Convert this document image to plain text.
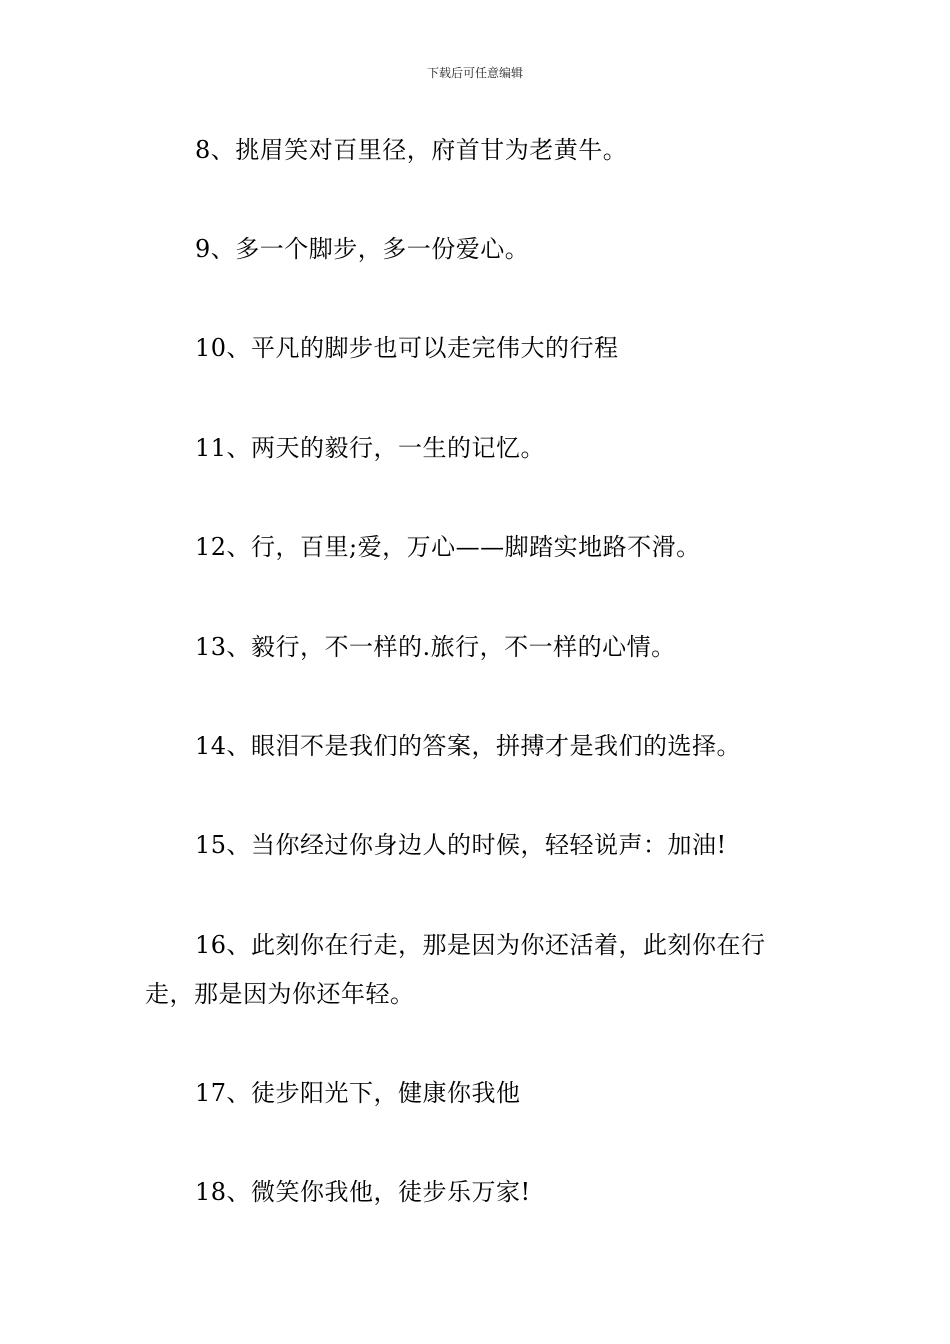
下载后可任意编辑

8、挑眉笑对百里径，府首甘为老黄牛。

9、多一个脚步，多一份爱心。

10、平凡的脚步也可以走完伟大的行程

11、两天的毅行，一生的记忆。

12、行，百里;爱，万心——脚踏实地路不滑。

13、毅行，不一样的.旅行，不一样的心情。

14、眼泪不是我们的答案，拼搏才是我们的选择。

15、当你经过你身边人的时候，轻轻说声：加油!

16、此刻你在行走，那是因为你还活着，此刻你在行走，那是因为你还年轻。

17、徒步阳光下，健康你我他

18、微笑你我他，徒步乐万家!
